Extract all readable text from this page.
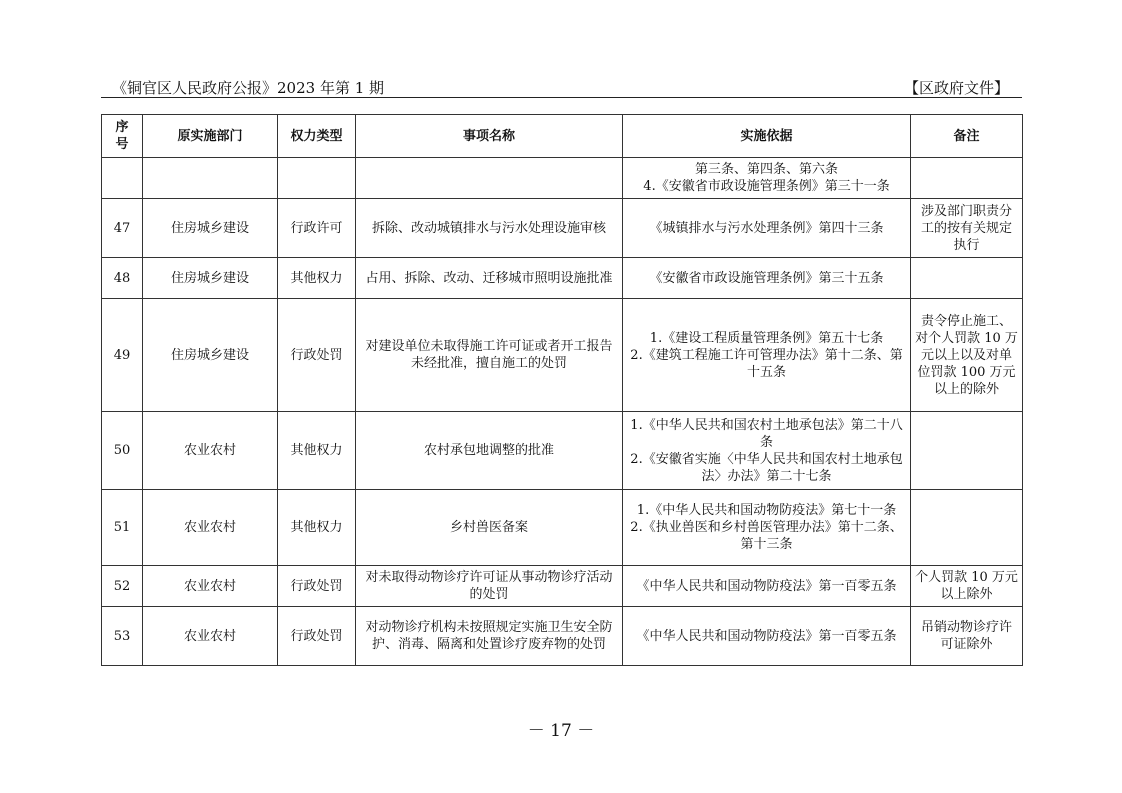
《铜官区人民政府公报》2023 年第 1 期	【区政府文件】
序
号	原实施部门	权力类型	事项名称	实施依据	备注

				第三条、第四条、第六条
4.《安徽省市政设施管理条例》第三十一条	

47	住房城乡建设	行政许可	拆除、改动城镇排水与污水处理设施审核	《城镇排水与污水处理条例》第四十三条	涉及部门职责分工的按有关规定执行
48	住房城乡建设	其他权力	占用、拆除、改动、迁移城市照明设施批准	《安徽省市政设施管理条例》第三十五条	

49	住房城乡建设	行政处罚	对建设单位未取得施工许可证或者开工报告未经批准，擅自施工的处罚	1.《建设工程质量管理条例》第五十七条
2.《建筑工程施工许可管理办法》第十二条、第十五条	责令停止施工、对个人罚款 10 万元以上以及对单位罚款 100 万元以上的除外
50	农业农村	其他权力	农村承包地调整的批准	1.《中华人民共和国农村土地承包法》第二十八条
2.《安徽省实施〈中华人民共和国农村土地承包法〉办法》第二十七条	

51	农业农村	其他权力	乡村兽医备案	1.《中华人民共和国动物防疫法》第七十一条
2.《执业兽医和乡村兽医管理办法》第十二条、第十三条	

52	农业农村	行政处罚	对未取得动物诊疗许可证从事动物诊疗活动的处罚	《中华人民共和国动物防疫法》第一百零五条	个人罚款 10 万元以上除外
53	农业农村	行政处罚	对动物诊疗机构未按照规定实施卫生安全防护、消毒、隔离和处置诊疗废弃物的处罚	《中华人民共和国动物防疫法》第一百零五条	吊销动物诊疗许可证除外
－ 17 －
